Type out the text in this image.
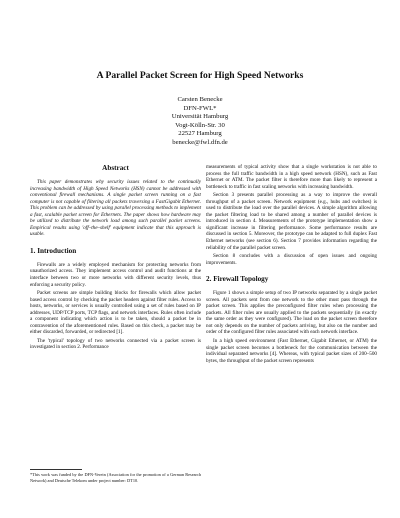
A Parallel Packet Screen for High Speed Networks
Carsten Benecke
DFN-FWL*
Universität Hamburg
Vogt-Kölln-Str. 30
22527 Hamburg
benecke@fwl.dfn.de
Abstract

This paper demonstrates why security issues related to the continually increasing bandwidth of High Speed Networks (HSN) cannot be addressed with conventional firewall mechanisms. A single packet screen running on a fast computer is not capable of filtering all packets traversing a FastGigabit Ethernet. This problem can be addressed by using parallel processing methods to implement a fast, scalable packet screen for Ethernets. The paper shows how hardware may be utilized to distribute the network load among such parallel packet screens. Empirical results using 'off–the–shelf' equipment indicate that this approach is usable.

1. Introduction

Firewalls are a widely employed mechanism for protecting networks from unauthorized access. They implement access control and audit functions at the interface between two or more networks with different security levels, thus enforcing a security policy.

Packet screens are simple building blocks for firewalls which allow packet based access control by checking the packet headers against filter rules. Access to hosts, networks, or services is usually controlled using a set of rules based on IP addresses, UDP/TCP ports, TCP flags, and network interfaces. Rules often include a component indicating which action is to be taken, should a packet be in contravention of the aforementioned rules. Based on this check, a packet may be either discarded, forwarded, or redirected [1].

The 'typical' topology of two networks connected via a packet screen is investigated in section 2. Performance

*This work was funded by the DFN-Verein (Association for the promotion of a German Research Network) and Deutsche Telekom under project number: DT10.

measurements of typical activity show that a single workstation is not able to process the full traffic bandwidth in a high speed network (HSN), such as Fast Ethernet or ATM. The packet filter is therefore more than likely to represent a bottleneck to traffic in fast scaling networks with increasing bandwidth.

Section 3 presents parallel processing as a way to improve the overall throughput of a packet screen. Network equipment (e.g., hubs and switches) is used to distribute the load over the parallel devices. A simple algorithm allowing the packet filtering load to be shared among a number of parallel devices is introduced in section 4. Measurements of the prototype implementation show a significant increase in filtering performance. Some performance results are discussed in section 5. Moreover, the prototype can be adapted to full duplex Fast Ethernet networks (see section 6). Section 7 provides information regarding the reliability of the parallel packet screen.

Section 8 concludes with a discussion of open issues and ongoing improvements.

2. Firewall Topology

Figure 1 shows a simple setup of two IP networks separated by a single packet screen. All packets sent from one network to the other must pass through the packet screen. This applies the preconfigured filter rules when processing the packets. All filter rules are usually applied to the packets sequentially (in exactly the same order as they were configured). The load on the packet screen therefore not only depends on the number of packets arriving, but also on the number and order of the configured filter rules associated with each network interface.

In a high speed environment (Fast Ethernet, Gigabit Ethernet, or ATM) the single packet screen becomes a bottleneck for the communication between the individual separated networks [4]. Whereas, with typical packet sizes of 200–500 bytes, the throughput of the packet screen represents
